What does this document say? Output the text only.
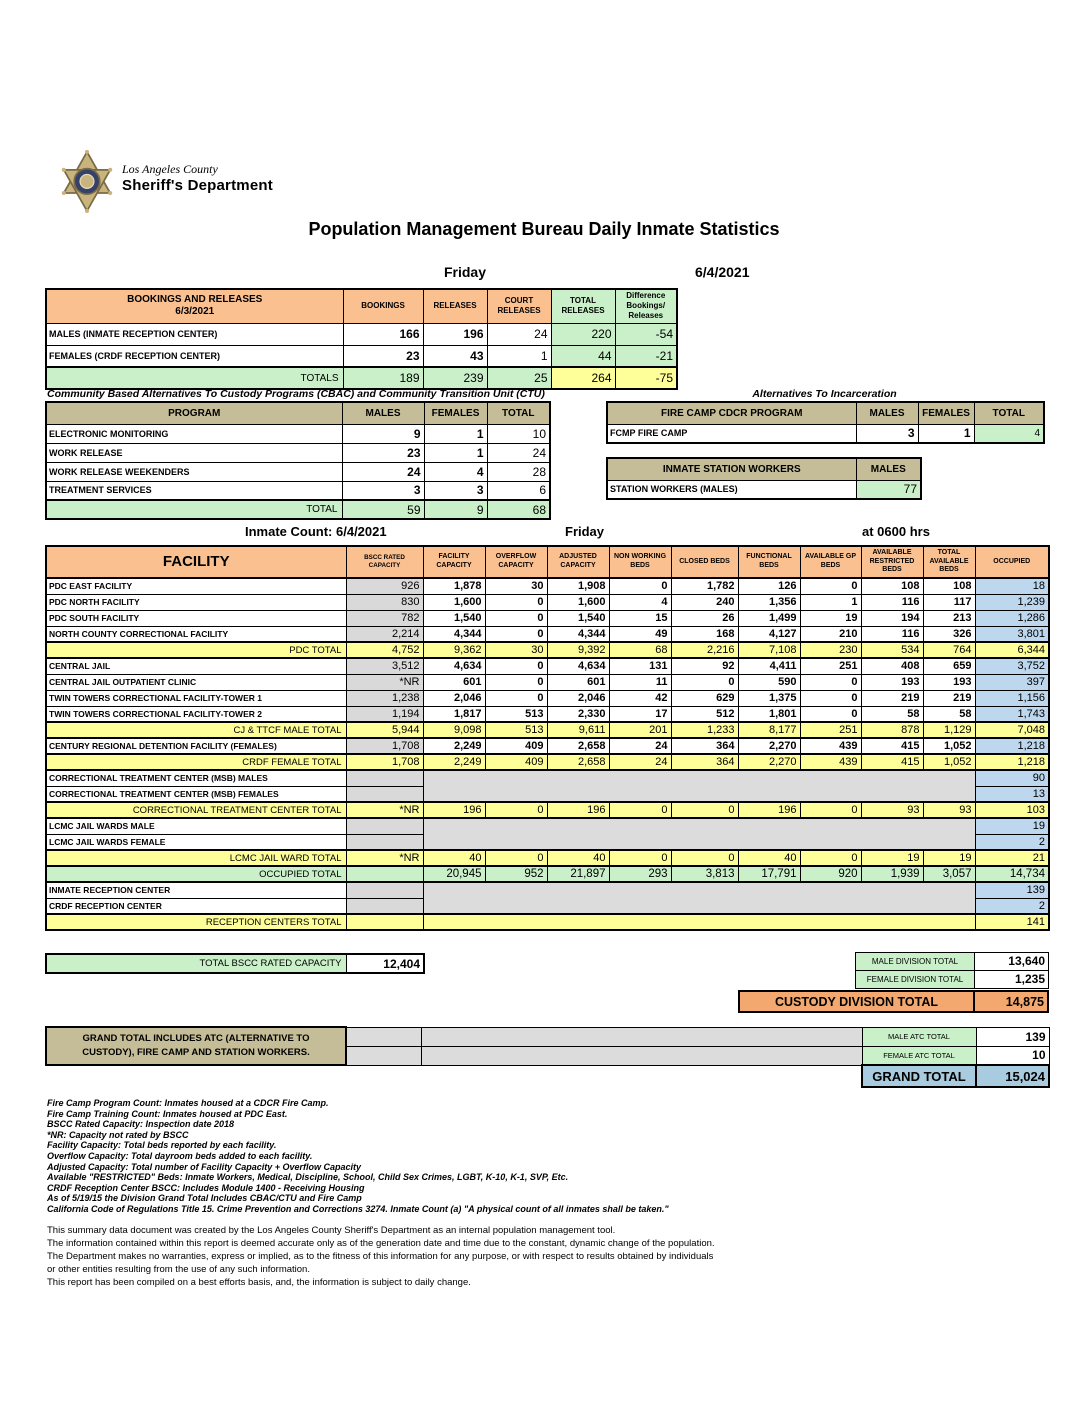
Los Angeles County
Sheriff's Department
Population Management Bureau Daily Inmate Statistics
Friday	6/4/2021
BOOKINGS AND RELEASES
6/3/2021	BOOKINGS	RELEASES	COURT RELEASES	TOTAL RELEASES	Difference Bookings/ Releases
MALES (INMATE RECEPTION CENTER)	166	196	24	220	-54
FEMALES (CRDF RECEPTION CENTER)	23	43	1	44	-21
TOTALS	189	239	25	264	-75
Community Based Alternatives To Custody Programs (CBAC) and Community Transition Unit (CTU)
PROGRAM	MALES	FEMALES	TOTAL
ELECTRONIC MONITORING	9	1	10
WORK RELEASE	23	1	24
WORK RELEASE WEEKENDERS	24	4	28
TREATMENT SERVICES	3	3	6
TOTAL	59	9	68
Alternatives To Incarceration
FIRE CAMP CDCR PROGRAM	MALES	FEMALES	TOTAL
FCMP FIRE CAMP	3	1	4
INMATE STATION WORKERS	MALES
STATION WORKERS (MALES)	77
Inmate Count: 6/4/2021	Friday	at 0600 hrs
FACILITY	BSCC RATED CAPACITY	FACILITY CAPACITY	OVERFLOW CAPACITY	ADJUSTED CAPACITY	NON WORKING BEDS	CLOSED BEDS	FUNCTIONAL BEDS	AVAILABLE GP BEDS	AVAILABLE RESTRICTED BEDS	TOTAL AVAILABLE BEDS	OCCUPIED
PDC EAST FACILITY	926	1,878	30	1,908	0	1,782	126	0	108	108	18
PDC NORTH FACILITY	830	1,600	0	1,600	4	240	1,356	1	116	117	1,239
PDC SOUTH FACILITY	782	1,540	0	1,540	15	26	1,499	19	194	213	1,286
NORTH COUNTY CORRECTIONAL FACILITY	2,214	4,344	0	4,344	49	168	4,127	210	116	326	3,801
PDC TOTAL	4,752	9,362	30	9,392	68	2,216	7,108	230	534	764	6,344
CENTRAL JAIL	3,512	4,634	0	4,634	131	92	4,411	251	408	659	3,752
CENTRAL JAIL OUTPATIENT CLINIC	*NR	601	0	601	11	0	590	0	193	193	397
TWIN TOWERS CORRECTIONAL FACILITY-TOWER 1	1,238	2,046	0	2,046	42	629	1,375	0	219	219	1,156
TWIN TOWERS CORRECTIONAL FACILITY-TOWER 2	1,194	1,817	513	2,330	17	512	1,801	0	58	58	1,743
CJ & TTCF MALE TOTAL	5,944	9,098	513	9,611	201	1,233	8,177	251	878	1,129	7,048
CENTURY REGIONAL DETENTION FACILITY (FEMALES)	1,708	2,249	409	2,658	24	364	2,270	439	415	1,052	1,218
CRDF FEMALE TOTAL	1,708	2,249	409	2,658	24	364	2,270	439	415	1,052	1,218
CORRECTIONAL TREATMENT CENTER (MSB) MALES											90
CORRECTIONAL TREATMENT CENTER (MSB) FEMALES											13
CORRECTIONAL TREATMENT CENTER TOTAL	*NR	196	0	196	0	0	196	0	93	93	103
LCMC JAIL WARDS MALE											19
LCMC JAIL WARDS FEMALE											2
LCMC JAIL WARD TOTAL	*NR	40	0	40	0	0	40	0	19	19	21
OCCUPIED TOTAL		20,945	952	21,897	293	3,813	17,791	920	1,939	3,057	14,734
INMATE RECEPTION CENTER											139
CRDF RECEPTION CENTER											2
RECEPTION CENTERS TOTAL											141
TOTAL BSCC RATED CAPACITY	12,404	MALE DIVISION TOTAL	13,640
FEMALE DIVISION TOTAL	1,235
CUSTODY DIVISION TOTAL	14,875
GRAND TOTAL INCLUDES ATC (ALTERNATIVE TO
CUSTODY), FIRE CAMP AND STATION WORKERS.			MALE ATC TOTAL	139
			FEMALE ATC TOTAL	10
			GRAND TOTAL	15,024
Fire Camp Program Count: Inmates housed at a CDCR Fire Camp.
Fire Camp Training Count: Inmates housed at PDC East.
BSCC Rated Capacity: Inspection date 2018
*NR: Capacity not rated by BSCC
Facility Capacity: Total beds reported by each facility.
Overflow Capacity: Total dayroom beds added to each facility.
Adjusted Capacity: Total number of Facility Capacity + Overflow Capacity
Available "RESTRICTED" Beds: Inmate Workers, Medical, Discipline, School, Child Sex Crimes, LGBT, K-10, K-1, SVP, Etc.
CRDF Reception Center BSCC: Includes Module 1400 - Receiving Housing
As of 5/19/15 the Division Grand Total Includes CBAC/CTU and Fire Camp
California Code of Regulations Title 15. Crime Prevention and Corrections 3274. Inmate Count (a) "A physical count of all inmates shall be taken."
This summary data document was created by the Los Angeles County Sheriff's Department as an internal population management tool.
The information contained within this report is deemed accurate only as of the generation date and time due to the constant, dynamic change of the population.
The Department makes no warranties, express or implied, as to the fitness of this information for any purpose, or with respect to results obtained by individuals
or other entities resulting from the use of any such information.
This report has been compiled on a best efforts basis, and, the information is subject to daily change.
